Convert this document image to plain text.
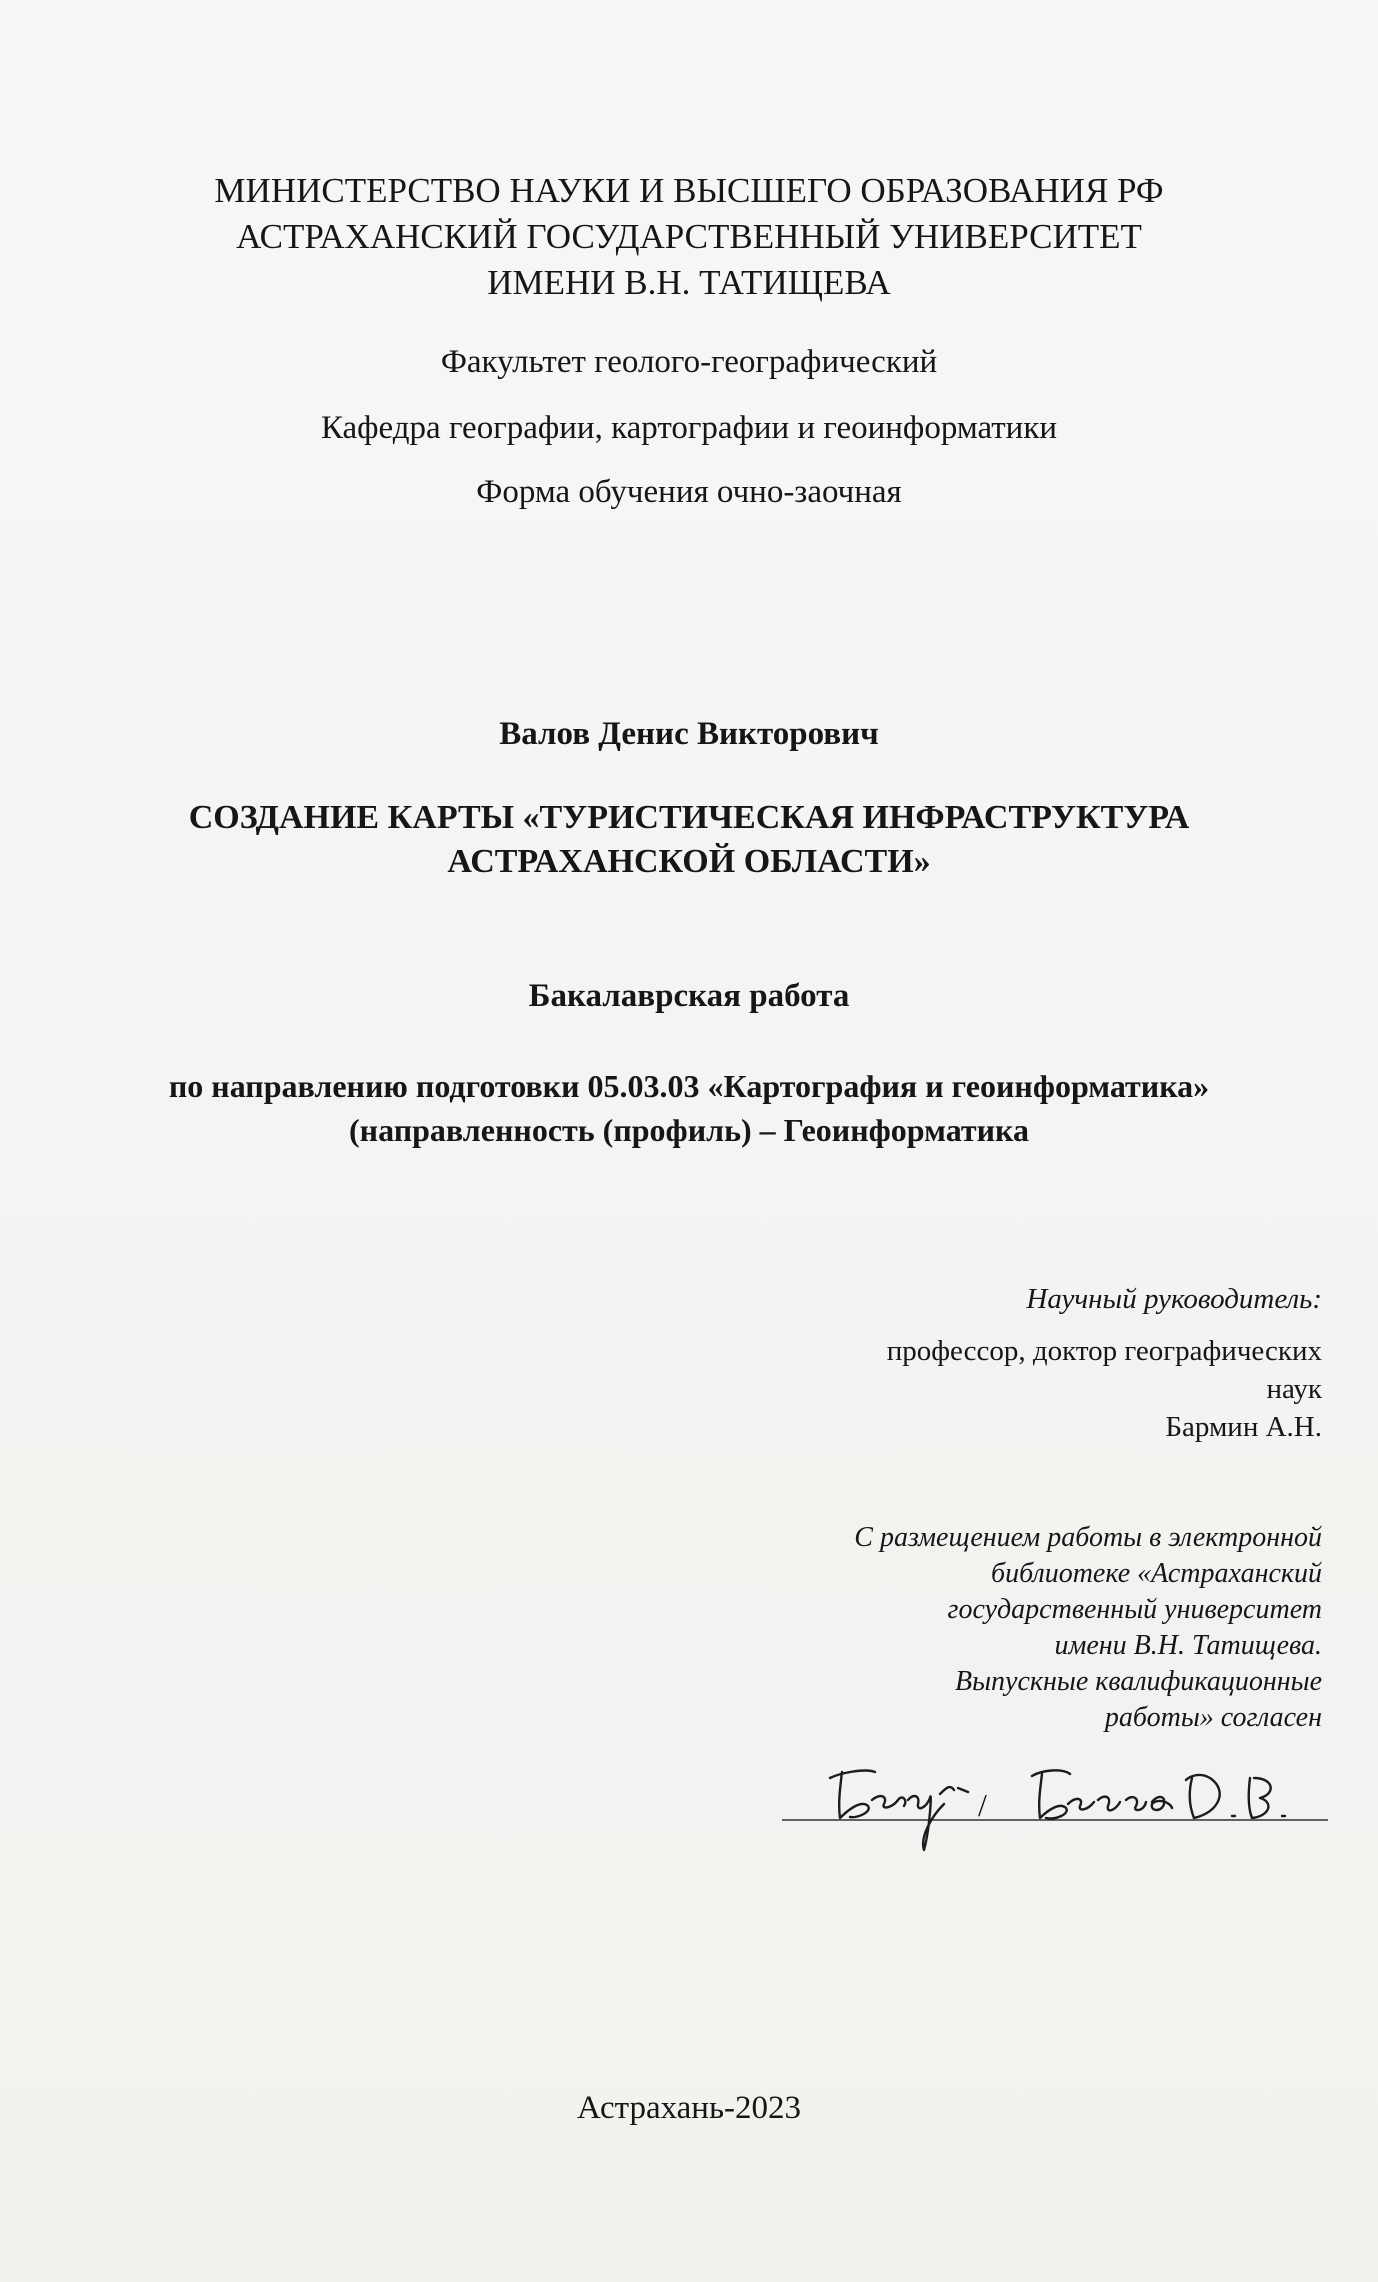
МИНИСТЕРСТВО НАУКИ И ВЫСШЕГО ОБРАЗОВАНИЯ РФ
АСТРАХАНСКИЙ ГОСУДАРСТВЕННЫЙ УНИВЕРСИТЕТ
ИМЕНИ В.Н. ТАТИЩЕВА
Факультет геолого-географический
Кафедра географии, картографии и геоинформатики
Форма обучения очно-заочная
Валов Денис Викторович
СОЗДАНИЕ КАРТЫ «ТУРИСТИЧЕСКАЯ ИНФРАСТРУКТУРА
АСТРАХАНСКОЙ ОБЛАСТИ»
Бакалаврская работа
по направлению подготовки 05.03.03 «Картография и геоинформатика»
(направленность (профиль) – Геоинформатика
Научный руководитель:
профессор, доктор географических
наук
Бармин А.Н.
С размещением работы в электронной
библиотеке «Астраханский
государственный университет
имени В.Н. Татищева.
Выпускные квалификационные
работы» согласен
/
Астрахань-2023
